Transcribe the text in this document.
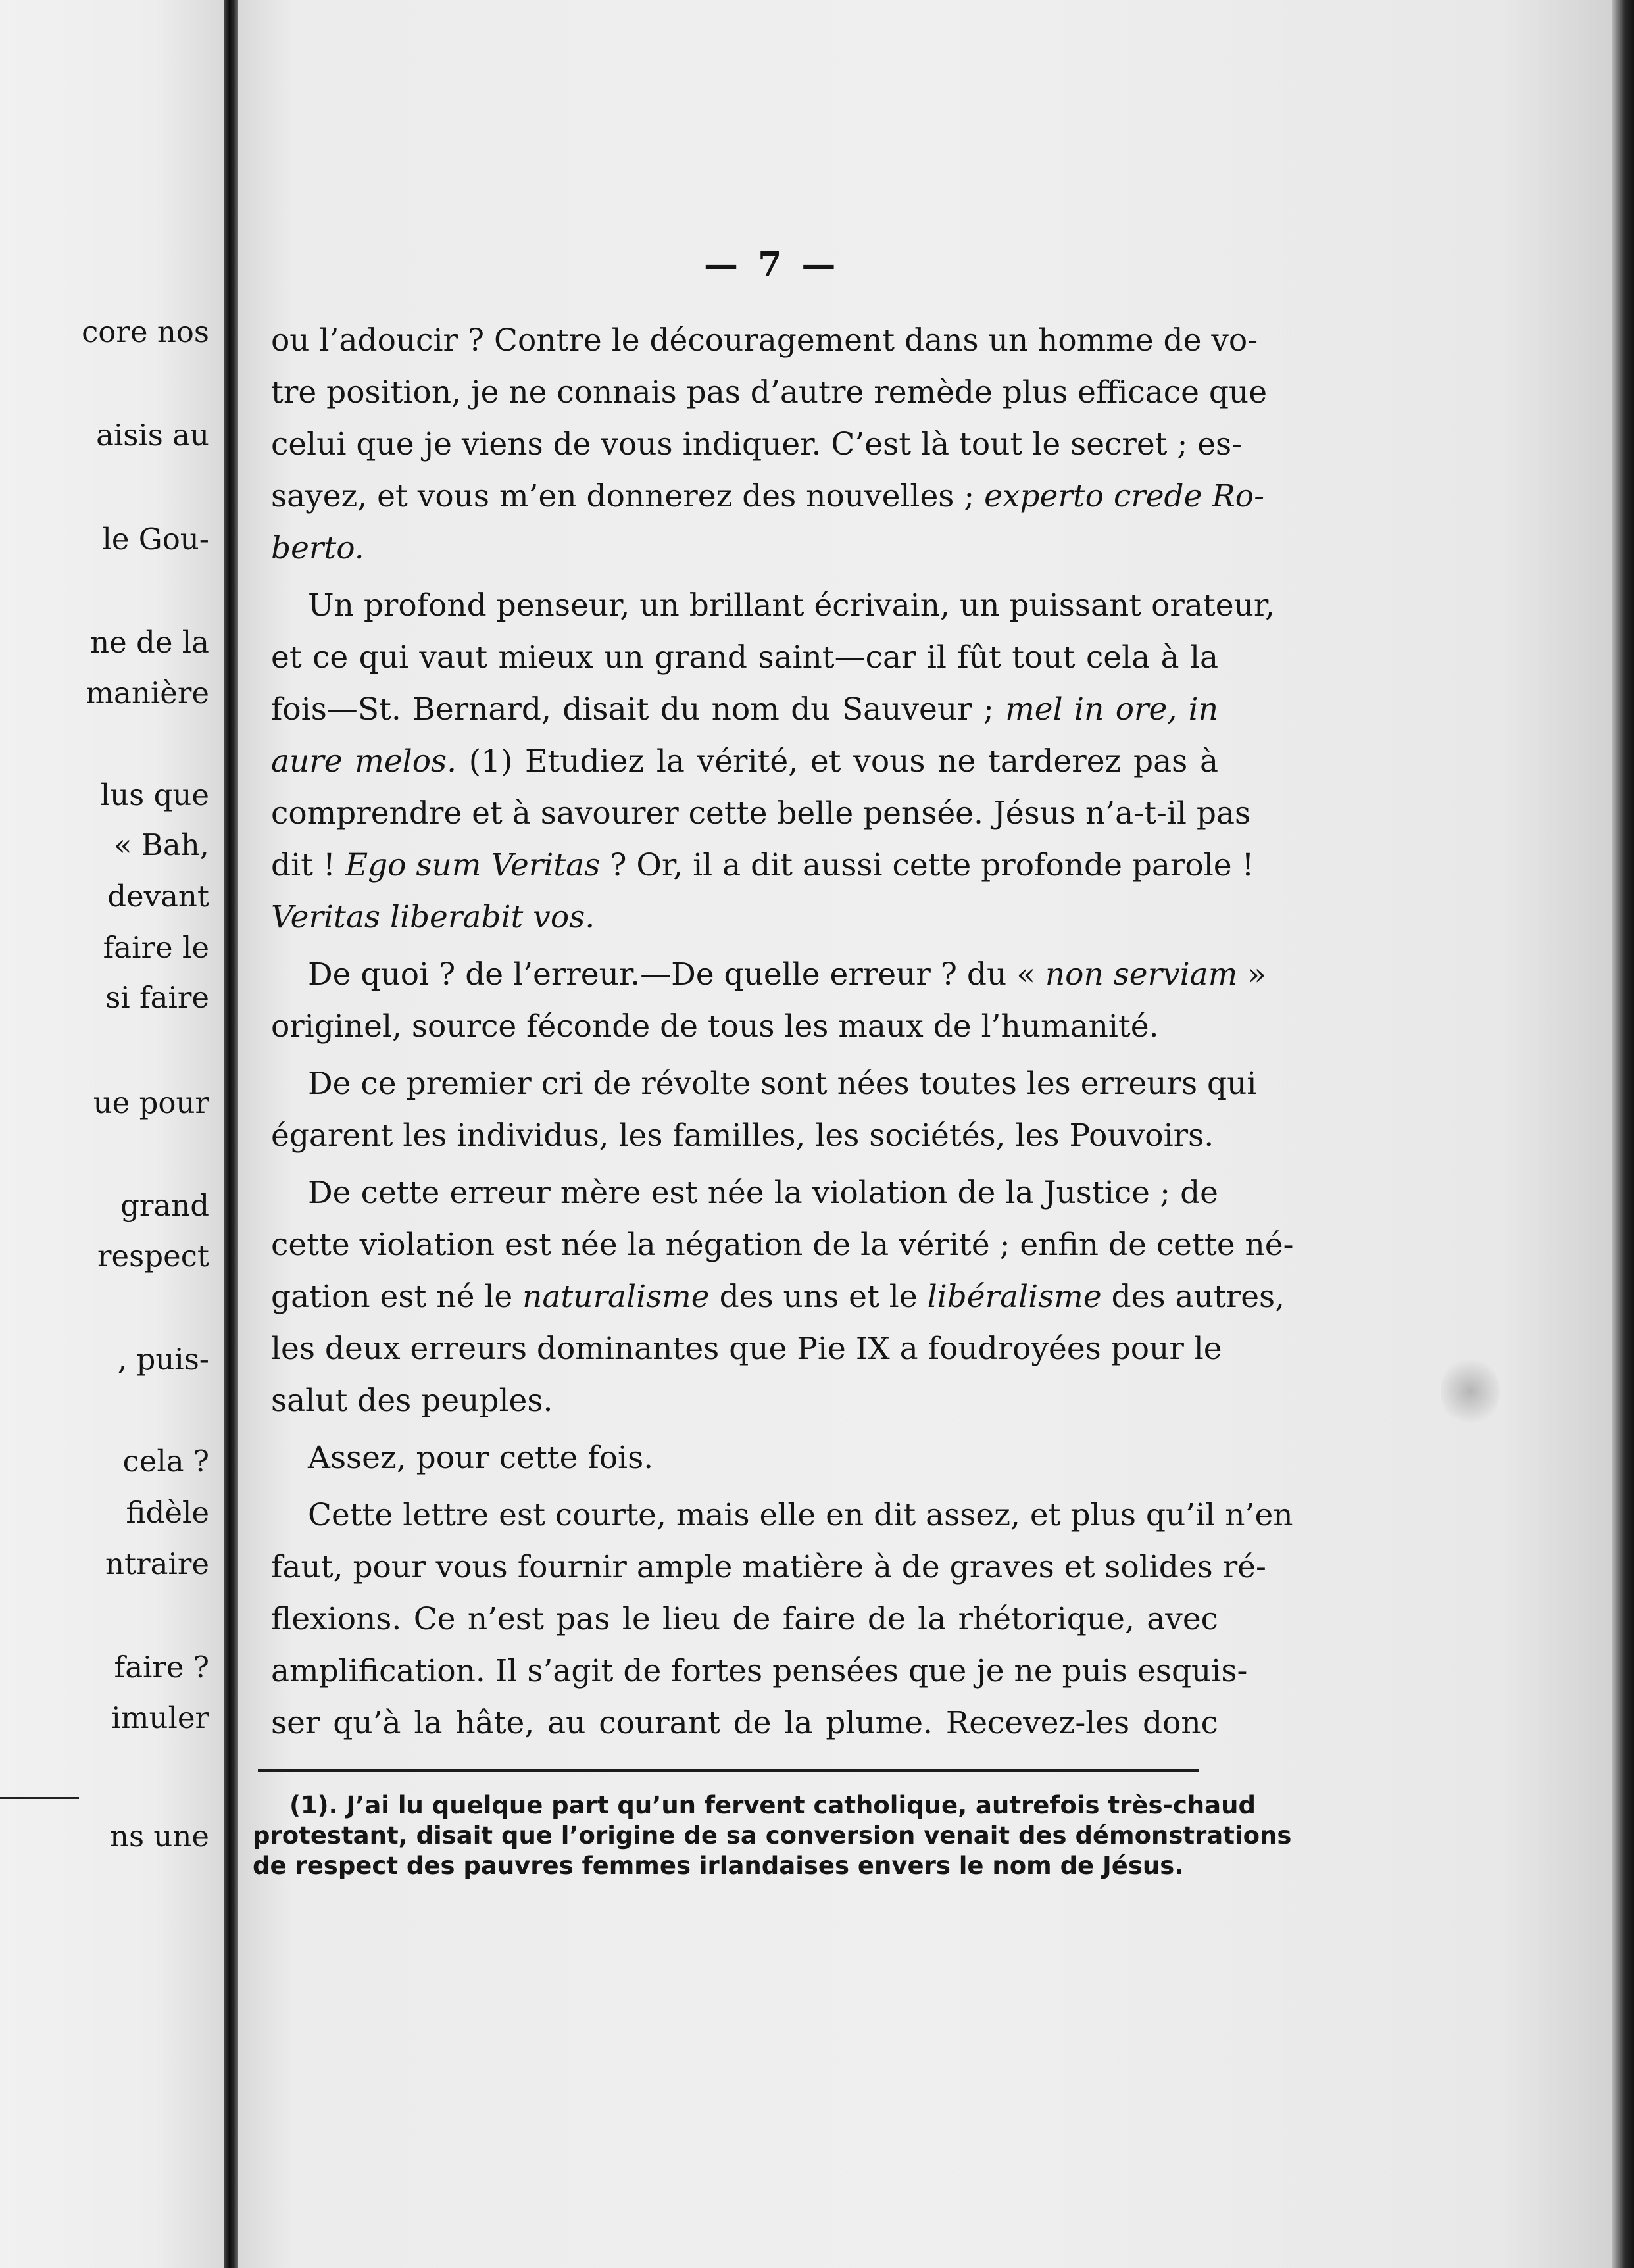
core nos
aisis au
le Gou-
ne de la
manière
lus que
« Bah,
devant
faire le
si faire
ue pour
grand
respect
, puis-
cela ?
fidèle
ntraire
faire ?
imuler
ns une
— 7 —
ou l’adoucir ? Contre le découragement dans un homme de vo-
tre position, je ne connais pas d’autre remède plus efficace que
celui que je viens de vous indiquer. C’est là tout le secret ; es-
sayez, et vous m’en donnerez des nouvelles ; experto crede Ro-
berto.
Un profond penseur, un brillant écrivain, un puissant orateur,
et ce qui vaut mieux un grand saint—car il fût tout cela à la
fois—St. Bernard, disait du nom du Sauveur ; mel in ore, in
aure melos. (1) Etudiez la vérité, et vous ne tarderez pas à
comprendre et à savourer cette belle pensée. Jésus n’a-t-il pas
dit ! Ego sum Veritas ? Or, il a dit aussi cette profonde parole !
Veritas liberabit vos.
De quoi ? de l’erreur.—De quelle erreur ? du « non serviam »
originel, source féconde de tous les maux de l’humanité.
De ce premier cri de révolte sont nées toutes les erreurs qui
égarent les individus, les familles, les sociétés, les Pouvoirs.
De cette erreur mère est née la violation de la Justice ; de
cette violation est née la négation de la vérité ; enfin de cette né-
gation est né le naturalisme des uns et le libéralisme des autres,
les deux erreurs dominantes que Pie IX a foudroyées pour le
salut des peuples.
Assez, pour cette fois.
Cette lettre est courte, mais elle en dit assez, et plus qu’il n’en
faut, pour vous fournir ample matière à de graves et solides ré-
flexions. Ce n’est pas le lieu de faire de la rhétorique, avec
amplification. Il s’agit de fortes pensées que je ne puis esquis-
ser qu’à la hâte, au courant de la plume. Recevez-les donc
(1). J’ai lu quelque part qu’un fervent catholique, autrefois très-chaud
protestant, disait que l’origine de sa conversion venait des démonstrations
de respect des pauvres femmes irlandaises envers le nom de Jésus.
